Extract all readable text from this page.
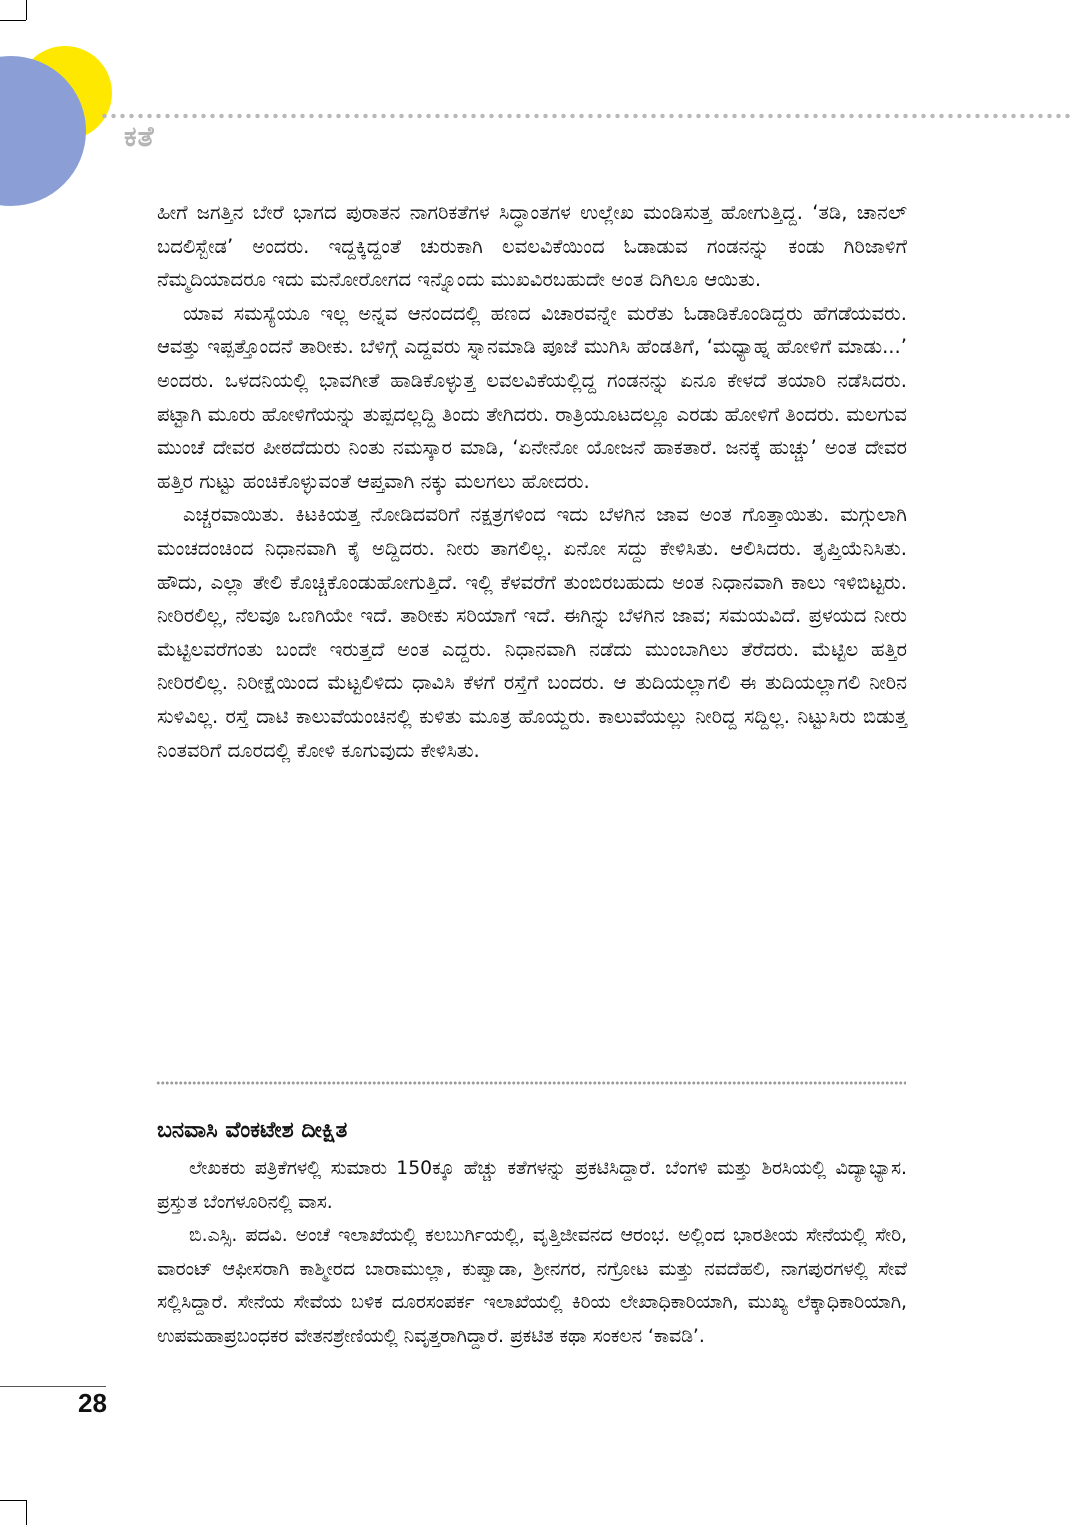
ಕತೆ

ಹೀಗೆ ಜಗತ್ತಿನ ಬೇರೆ ಭಾಗದ ಪುರಾತನ ನಾಗರಿಕತೆಗಳ ಸಿದ್ಧಾಂತಗಳ ಉಲ್ಲೇಖ ಮಂಡಿಸುತ್ತ ಹೋಗುತ್ತಿದ್ದ. ‘ತಡಿ, ಚಾನಲ್ ಬದಲಿಸ್ಬೇಡ’ ಅಂದರು. ಇದ್ದಕ್ಕಿದ್ದಂತೆ ಚುರುಕಾಗಿ ಲವಲವಿಕೆಯಿಂದ ಓಡಾಡುವ ಗಂಡನನ್ನು ಕಂಡು ಗಿರಿಜಾಳಿಗೆ ನೆಮ್ಮದಿಯಾದರೂ ಇದು ಮನೋರೋಗದ ಇನ್ನೊಂದು ಮುಖವಿರಬಹುದೇ ಅಂತ ದಿಗಿಲೂ ಆಯಿತು.

ಯಾವ ಸಮಸ್ಯೆಯೂ ಇಲ್ಲ ಅನ್ನವ ಆನಂದದಲ್ಲಿ ಹಣದ ವಿಚಾರವನ್ನೇ ಮರೆತು ಓಡಾಡಿಕೊಂಡಿದ್ದರು ಹೆಗಡೆಯವರು. ಆವತ್ತು ಇಪ್ಪತ್ತೊಂದನೆ ತಾರೀಕು. ಬೆಳಿಗ್ಗೆ ಎದ್ದವರು ಸ್ನಾನಮಾಡಿ ಪೂಜೆ ಮುಗಿಸಿ ಹೆಂಡತಿಗೆ, ‘ಮಧ್ಯಾಹ್ನ ಹೋಳಿಗೆ ಮಾಡು...’ ಅಂದರು. ಒಳದನಿಯಲ್ಲಿ ಭಾವಗೀತೆ ಹಾಡಿಕೊಳ್ಳುತ್ತ ಲವಲವಿಕೆಯಲ್ಲಿದ್ದ ಗಂಡನನ್ನು ಏನೂ ಕೇಳದೆ ತಯಾರಿ ನಡೆಸಿದರು. ಪಟ್ಟಾಗಿ ಮೂರು ಹೋಳಿಗೆಯನ್ನು ತುಪ್ಪದಲ್ಲದ್ದಿ ತಿಂದು ತೇಗಿದರು. ರಾತ್ರಿಯೂಟದಲ್ಲೂ ಎರಡು ಹೋಳಿಗೆ ತಿಂದರು. ಮಲಗುವ ಮುಂಚೆ ದೇವರ ಪೀಠದೆದುರು ನಿಂತು ನಮಸ್ಕಾರ ಮಾಡಿ, ‘ಏನೇನೋ ಯೋಜನೆ ಹಾಕತಾರೆ. ಜನಕ್ಕೆ ಹುಚ್ಚು’ ಅಂತ ದೇವರ ಹತ್ತಿರ ಗುಟ್ಟು ಹಂಚಿಕೊಳ್ಳುವಂತೆ ಆಪ್ತವಾಗಿ ನಕ್ಕು ಮಲಗಲು ಹೋದರು.

ಎಚ್ಚರವಾಯಿತು. ಕಿಟಕಿಯತ್ತ ನೋಡಿದವರಿಗೆ ನಕ್ಷತ್ರಗಳಿಂದ ಇದು ಬೆಳಗಿನ ಜಾವ ಅಂತ ಗೊತ್ತಾಯಿತು. ಮಗ್ಗುಲಾಗಿ ಮಂಚದಂಚಿಂದ ನಿಧಾನವಾಗಿ ಕೈ ಅದ್ದಿದರು. ನೀರು ತಾಗಲಿಲ್ಲ. ಏನೋ ಸದ್ದು ಕೇಳಿಸಿತು. ಆಲಿಸಿದರು. ತೃಪ್ತಿಯೆನಿಸಿತು. ಹೌದು, ಎಲ್ಲಾ ತೇಲಿ ಕೊಚ್ಚಿಕೊಂಡುಹೋಗುತ್ತಿದೆ. ಇಲ್ಲಿ ಕೆಳವರೆಗೆ ತುಂಬಿರಬಹುದು ಅಂತ ನಿಧಾನವಾಗಿ ಕಾಲು ಇಳಿಬಿಟ್ಟರು. ನೀರಿರಲಿಲ್ಲ, ನೆಲವೂ ಒಣಗಿಯೇ ಇದೆ. ತಾರೀಕು ಸರಿಯಾಗೆ ಇದೆ. ಈಗಿನ್ನು ಬೆಳಗಿನ ಜಾವ; ಸಮಯವಿದೆ. ಪ್ರಳಯದ ನೀರು ಮೆಟ್ಟಿಲವರೆಗಂತು ಬಂದೇ ಇರುತ್ತದೆ ಅಂತ ಎದ್ದರು. ನಿಧಾನವಾಗಿ ನಡೆದು ಮುಂಬಾಗಿಲು ತೆರೆದರು. ಮೆಟ್ಟಿಲ ಹತ್ತಿರ ನೀರಿರಲಿಲ್ಲ. ನಿರೀಕ್ಷೆಯಿಂದ ಮೆಟ್ಟಲಿಳಿದು ಧಾವಿಸಿ ಕೆಳಗೆ ರಸ್ತೆಗೆ ಬಂದರು. ಆ ತುದಿಯಲ್ಲಾಗಲಿ ಈ ತುದಿಯಲ್ಲಾಗಲಿ ನೀರಿನ ಸುಳಿವಿಲ್ಲ. ರಸ್ತೆ ದಾಟಿ ಕಾಲುವೆಯಂಚಿನಲ್ಲಿ ಕುಳಿತು ಮೂತ್ರ ಹೊಯ್ದರು. ಕಾಲುವೆಯಲ್ಲು ನೀರಿದ್ದ ಸದ್ದಿಲ್ಲ. ನಿಟ್ಟುಸಿರು ಬಿಡುತ್ತ ನಿಂತವರಿಗೆ ದೂರದಲ್ಲಿ ಕೋಳಿ ಕೂಗುವುದು ಕೇಳಿಸಿತು.

ಬನವಾಸಿ ವೆಂಕಟೇಶ ದೀಕ್ಷಿತ

ಲೇಖಕರು ಪತ್ರಿಕೆಗಳಲ್ಲಿ ಸುಮಾರು 150ಕ್ಕೂ ಹೆಚ್ಚು ಕತೆಗಳನ್ನು ಪ್ರಕಟಿಸಿದ್ದಾರೆ. ಬೆಂಗಳಿ ಮತ್ತು ಶಿರಸಿಯಲ್ಲಿ ವಿದ್ಯಾಭ್ಯಾಸ. ಪ್ರಸ್ತುತ ಬೆಂಗಳೂರಿನಲ್ಲಿ ವಾಸ.

ಬಿ.ಎಸ್ಸಿ. ಪದವಿ. ಅಂಚೆ ಇಲಾಖೆಯಲ್ಲಿ ಕಲಬುರ್ಗಿಯಲ್ಲಿ, ವೃತ್ತಿಜೀವನದ ಆರಂಭ. ಅಲ್ಲಿಂದ ಭಾರತೀಯ ಸೇನೆಯಲ್ಲಿ ಸೇರಿ, ವಾರಂಟ್ ಆಫೀಸರಾಗಿ ಕಾಶ್ಮೀರದ ಬಾರಾಮುಲ್ಲಾ, ಕುಪ್ವಾಡಾ, ಶ್ರೀನಗರ, ನಗ್ರೋಟ ಮತ್ತು ನವದೆಹಲಿ, ನಾಗಪುರಗಳಲ್ಲಿ ಸೇವೆ ಸಲ್ಲಿಸಿದ್ದಾರೆ. ಸೇನೆಯ ಸೇವೆಯ ಬಳಿಕ ದೂರಸಂಪರ್ಕ ಇಲಾಖೆಯಲ್ಲಿ ಕಿರಿಯ ಲೇಖಾಧಿಕಾರಿಯಾಗಿ, ಮುಖ್ಯ ಲೆಕ್ಕಾಧಿಕಾರಿಯಾಗಿ, ಉಪಮಹಾಪ್ರಬಂಧಕರ ವೇತನಶ್ರೇಣಿಯಲ್ಲಿ ನಿವೃತ್ತರಾಗಿದ್ದಾರೆ. ಪ್ರಕಟಿತ ಕಥಾ ಸಂಕಲನ ‘ಕಾವಡಿ’.

28
